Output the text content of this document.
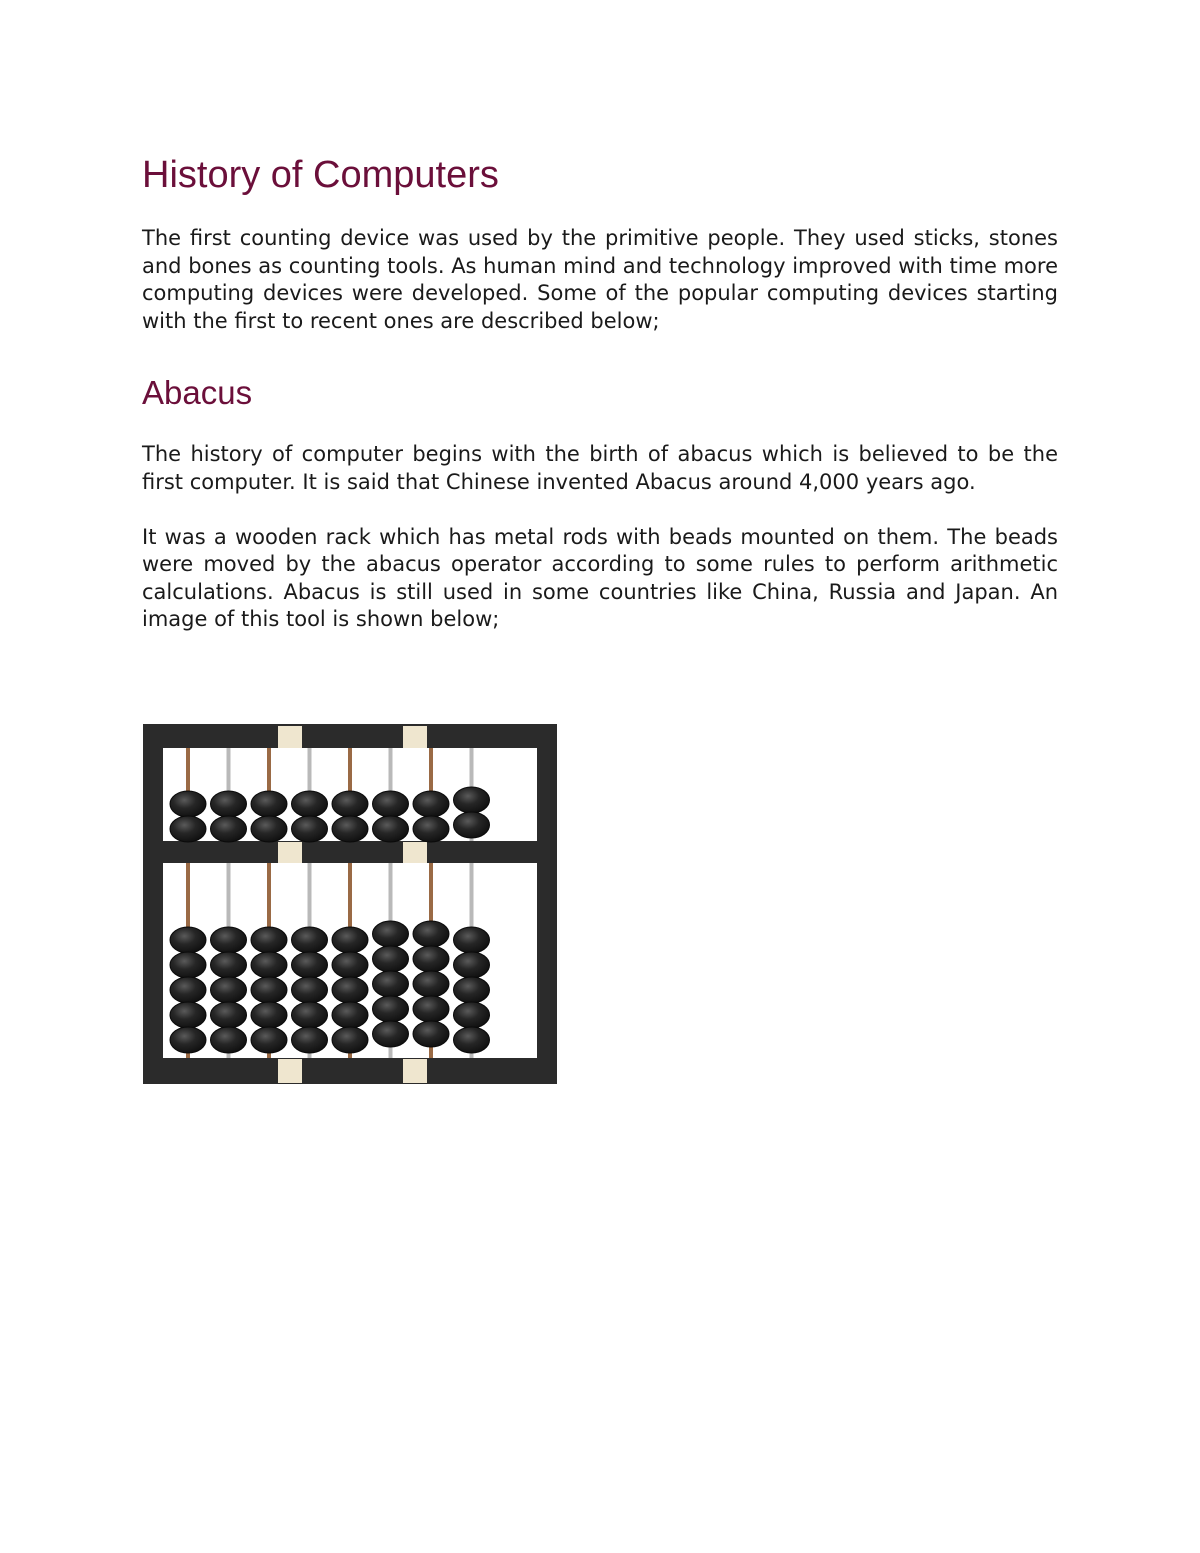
History of Computers

The first counting device was used by the primitive people. They used sticks, stones and bones as counting tools. As human mind and technology improved with time more computing devices were developed. Some of the popular computing devices starting with the first to recent ones are described below;

Abacus

The history of computer begins with the birth of abacus which is believed to be the first computer. It is said that Chinese invented Abacus around 4,000 years ago.

It was a wooden rack which has metal rods with beads mounted on them. The beads were moved by the abacus operator according to some rules to perform arithmetic calculations. Abacus is still used in some countries like China, Russia and Japan. An image of this tool is shown below;
